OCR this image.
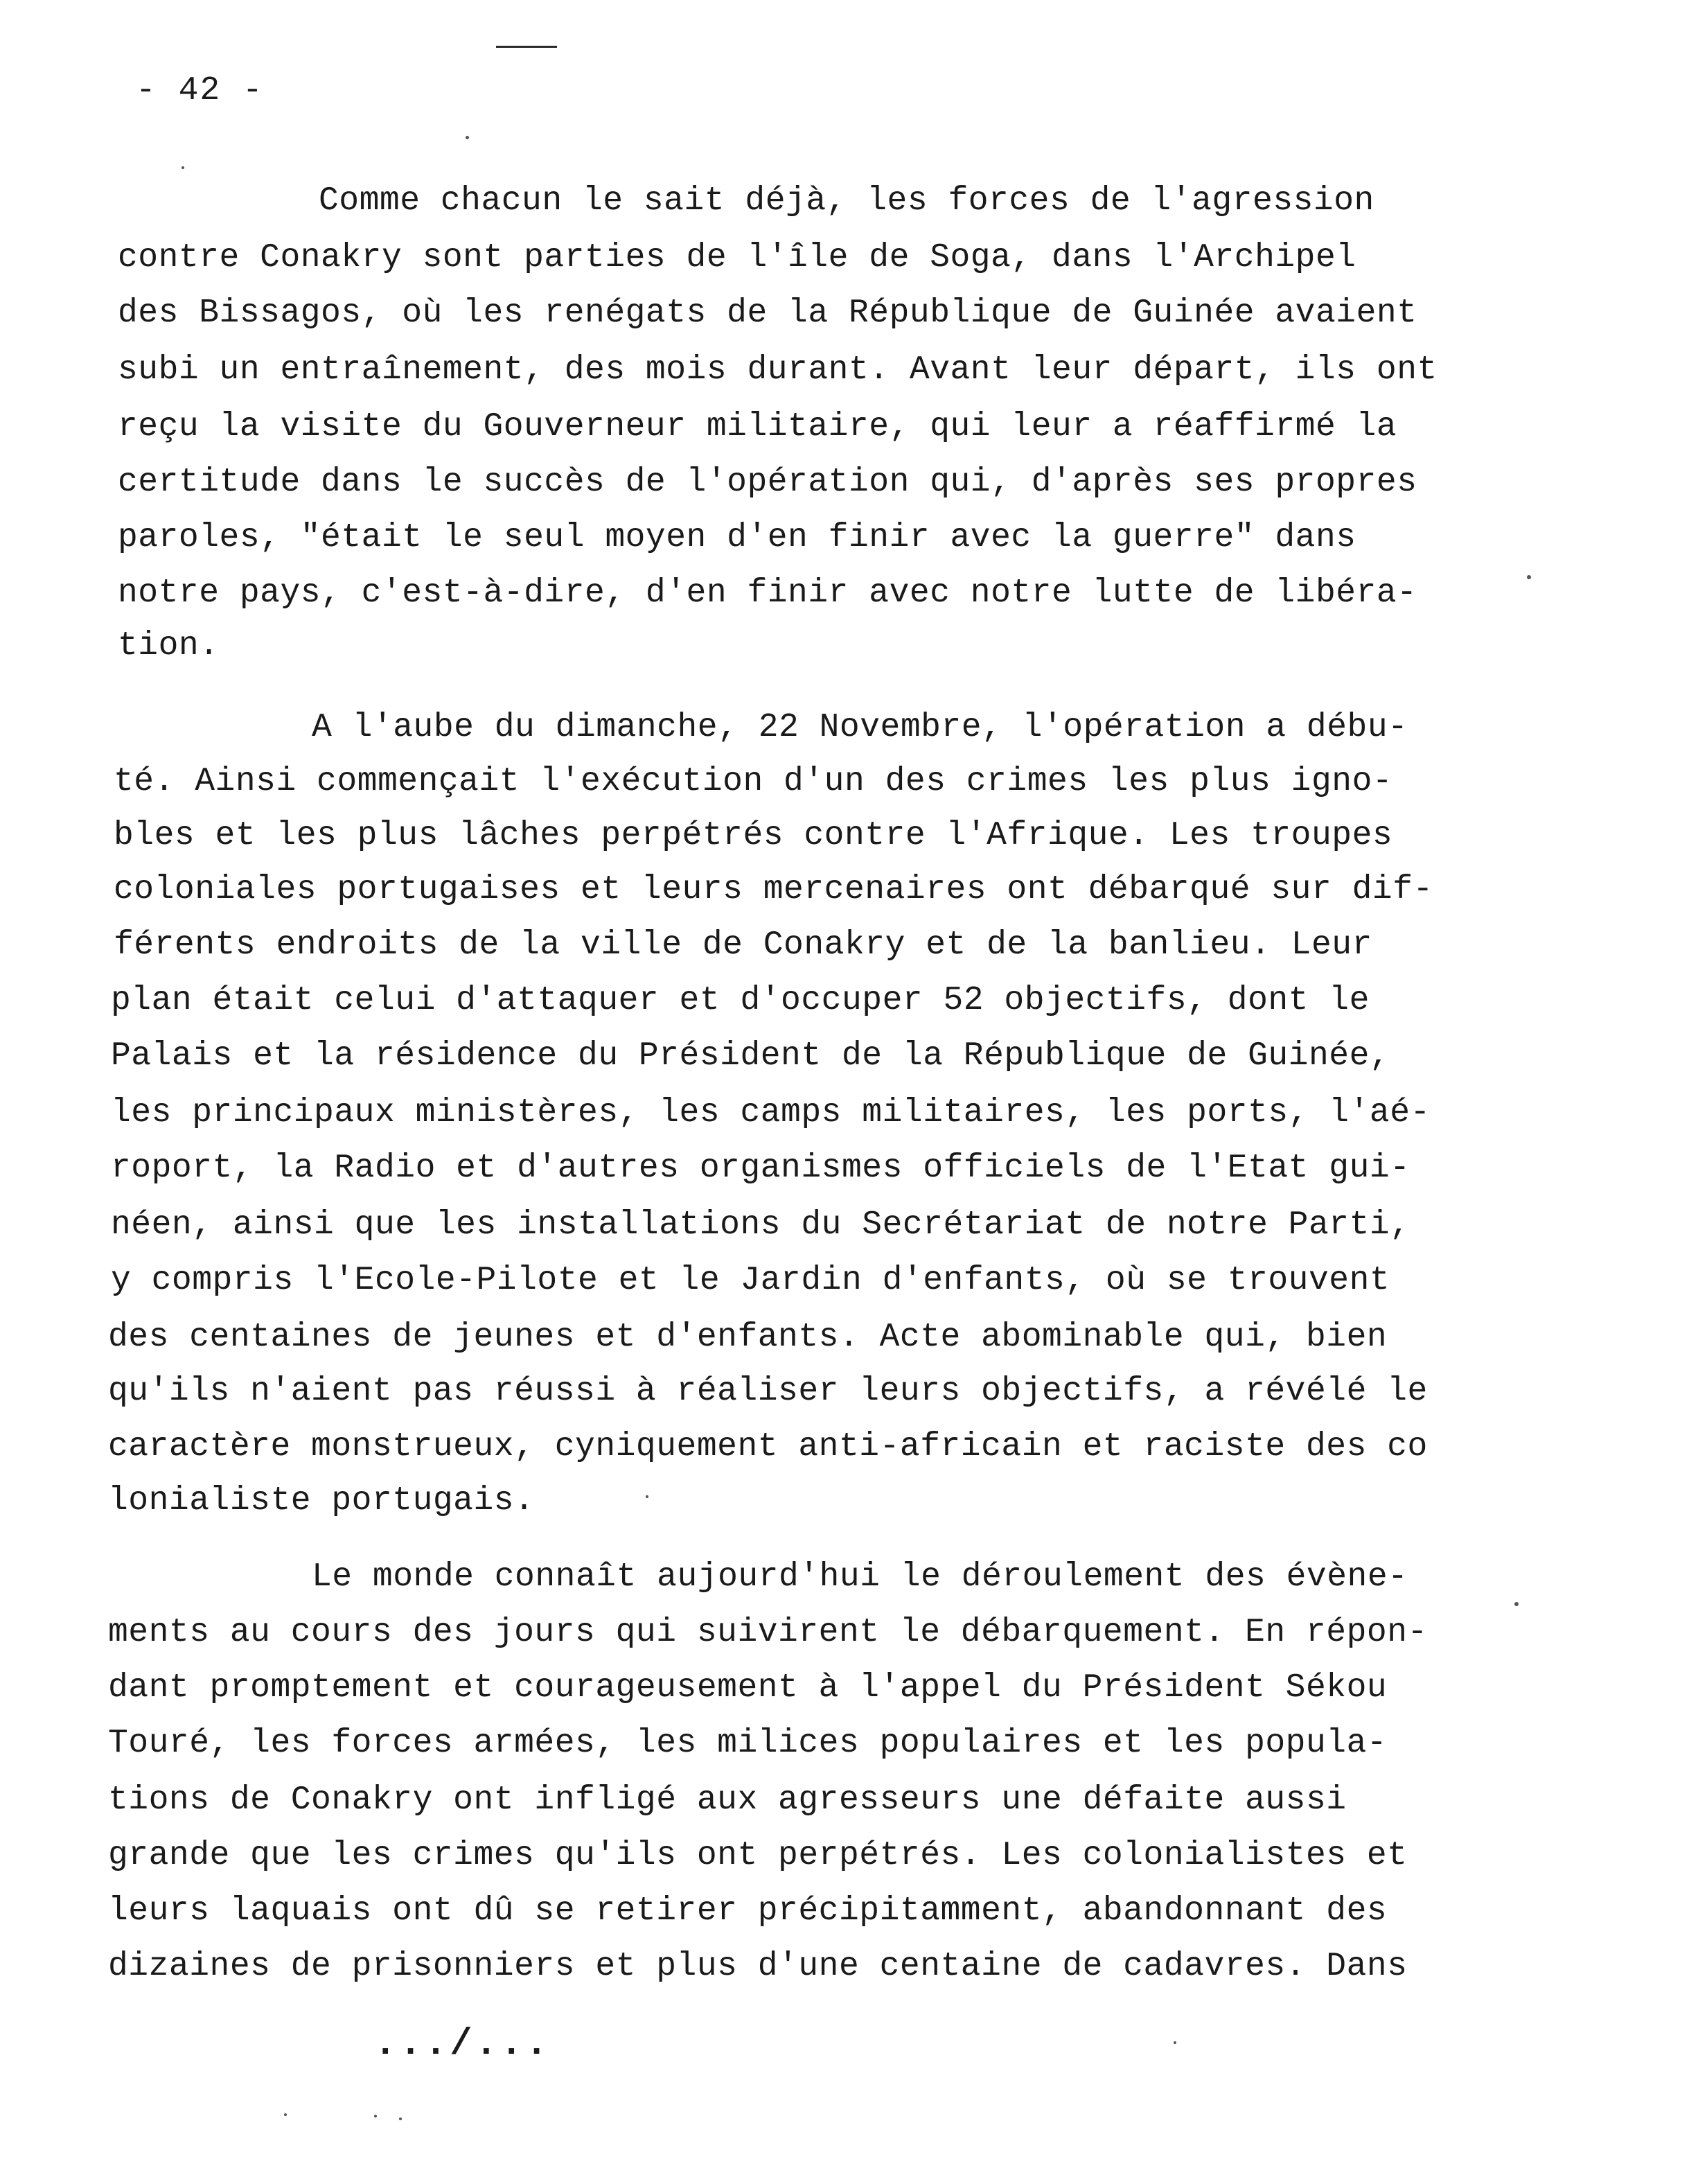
- 42 -
Comme chacun le sait déjà, les forces de l'agression
contre Conakry sont parties de l'île de Soga, dans l'Archipel
des Bissagos, où les renégats de la République de Guinée avaient
subi un entraînement, des mois durant. Avant leur départ, ils ont
reçu la visite du Gouverneur militaire, qui leur a réaffirmé la
certitude dans le succès de l'opération qui, d'après ses propres
paroles, "était le seul moyen d'en finir avec la guerre" dans
notre pays, c'est-à-dire, d'en finir avec notre lutte de libéra-
tion.
A l'aube du dimanche, 22 Novembre, l'opération a débu-
té. Ainsi commençait l'exécution d'un des crimes les plus igno-
bles et les plus lâches perpétrés contre l'Afrique. Les troupes
coloniales portugaises et leurs mercenaires ont débarqué sur dif-
férents endroits de la ville de Conakry et de la banlieu. Leur
plan était celui d'attaquer et d'occuper 52 objectifs, dont le
Palais et la résidence du Président de la République de Guinée,
les principaux ministères, les camps militaires, les ports, l'aé-
roport, la Radio et d'autres organismes officiels de l'Etat gui-
néen, ainsi que les installations du Secrétariat de notre Parti,
y compris l'Ecole-Pilote et le Jardin d'enfants, où se trouvent
des centaines de jeunes et d'enfants. Acte abominable qui, bien
qu'ils n'aient pas réussi à réaliser leurs objectifs, a révélé le
caractère monstrueux, cyniquement anti-africain et raciste des co
lonialiste portugais.
Le monde connaît aujourd'hui le déroulement des évène-
ments au cours des jours qui suivirent le débarquement. En répon-
dant promptement et courageusement à l'appel du Président Sékou
Touré, les forces armées, les milices populaires et les popula-
tions de Conakry ont infligé aux agresseurs une défaite aussi
grande que les crimes qu'ils ont perpétrés. Les colonialistes et
leurs laquais ont dû se retirer précipitamment, abandonnant des
dizaines de prisonniers et plus d'une centaine de cadavres. Dans
.../...
